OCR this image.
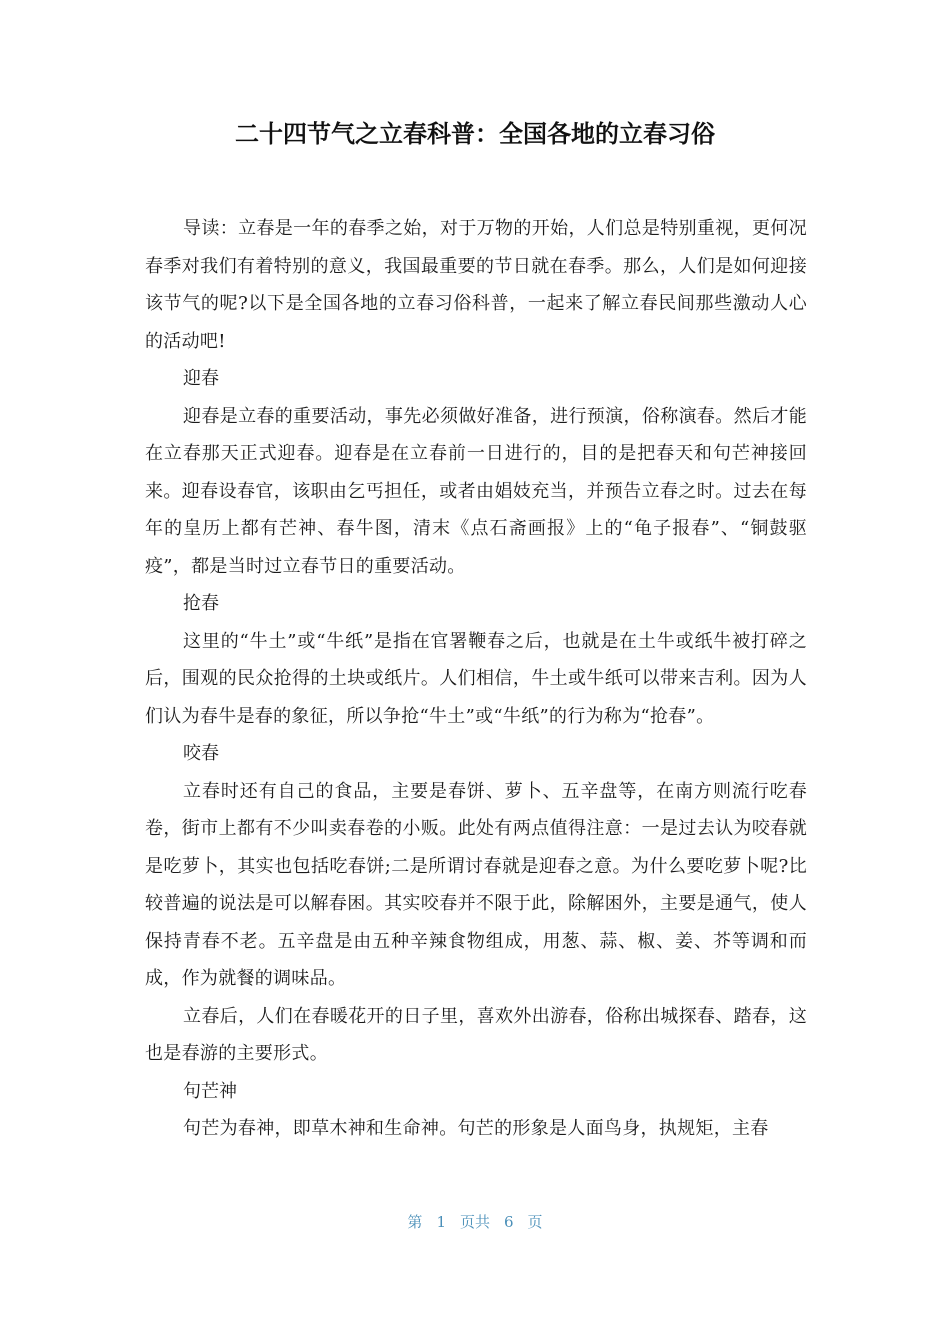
二十四节气之立春科普：全国各地的立春习俗

导读：立春是一年的春季之始，对于万物的开始，人们总是特别重视，更何况春季对我们有着特别的意义，我国最重要的节日就在春季。那么，人们是如何迎接该节气的呢?以下是全国各地的立春习俗科普，一起来了解立春民间那些激动人心的活动吧!

迎春

迎春是立春的重要活动，事先必须做好准备，进行预演，俗称演春。然后才能在立春那天正式迎春。迎春是在立春前一日进行的，目的是把春天和句芒神接回来。迎春设春官，该职由乞丐担任，或者由娼妓充当，并预告立春之时。过去在每年的皇历上都有芒神、春牛图，清末《点石斋画报》上的“龟子报春”、“铜鼓驱疫”，都是当时过立春节日的重要活动。

抢春

这里的“牛土”或“牛纸”是指在官署鞭春之后，也就是在土牛或纸牛被打碎之后，围观的民众抢得的土块或纸片。人们相信，牛土或牛纸可以带来吉利。因为人们认为春牛是春的象征，所以争抢“牛土”或“牛纸”的行为称为“抢春”。

咬春

立春时还有自己的食品，主要是春饼、萝卜、五辛盘等，在南方则流行吃春卷，街市上都有不少叫卖春卷的小贩。此处有两点值得注意：一是过去认为咬春就是吃萝卜，其实也包括吃春饼;二是所谓讨春就是迎春之意。为什么要吃萝卜呢?比较普遍的说法是可以解春困。其实咬春并不限于此，除解困外，主要是通气，使人保持青春不老。五辛盘是由五种辛辣食物组成，用葱、蒜、椒、姜、芥等调和而成，作为就餐的调味品。

立春后，人们在春暖花开的日子里，喜欢外出游春，俗称出城探春、踏春，这也是春游的主要形式。

句芒神

句芒为春神，即草木神和生命神。句芒的形象是人面鸟身，执规矩，主春

第 1 页共 6 页
